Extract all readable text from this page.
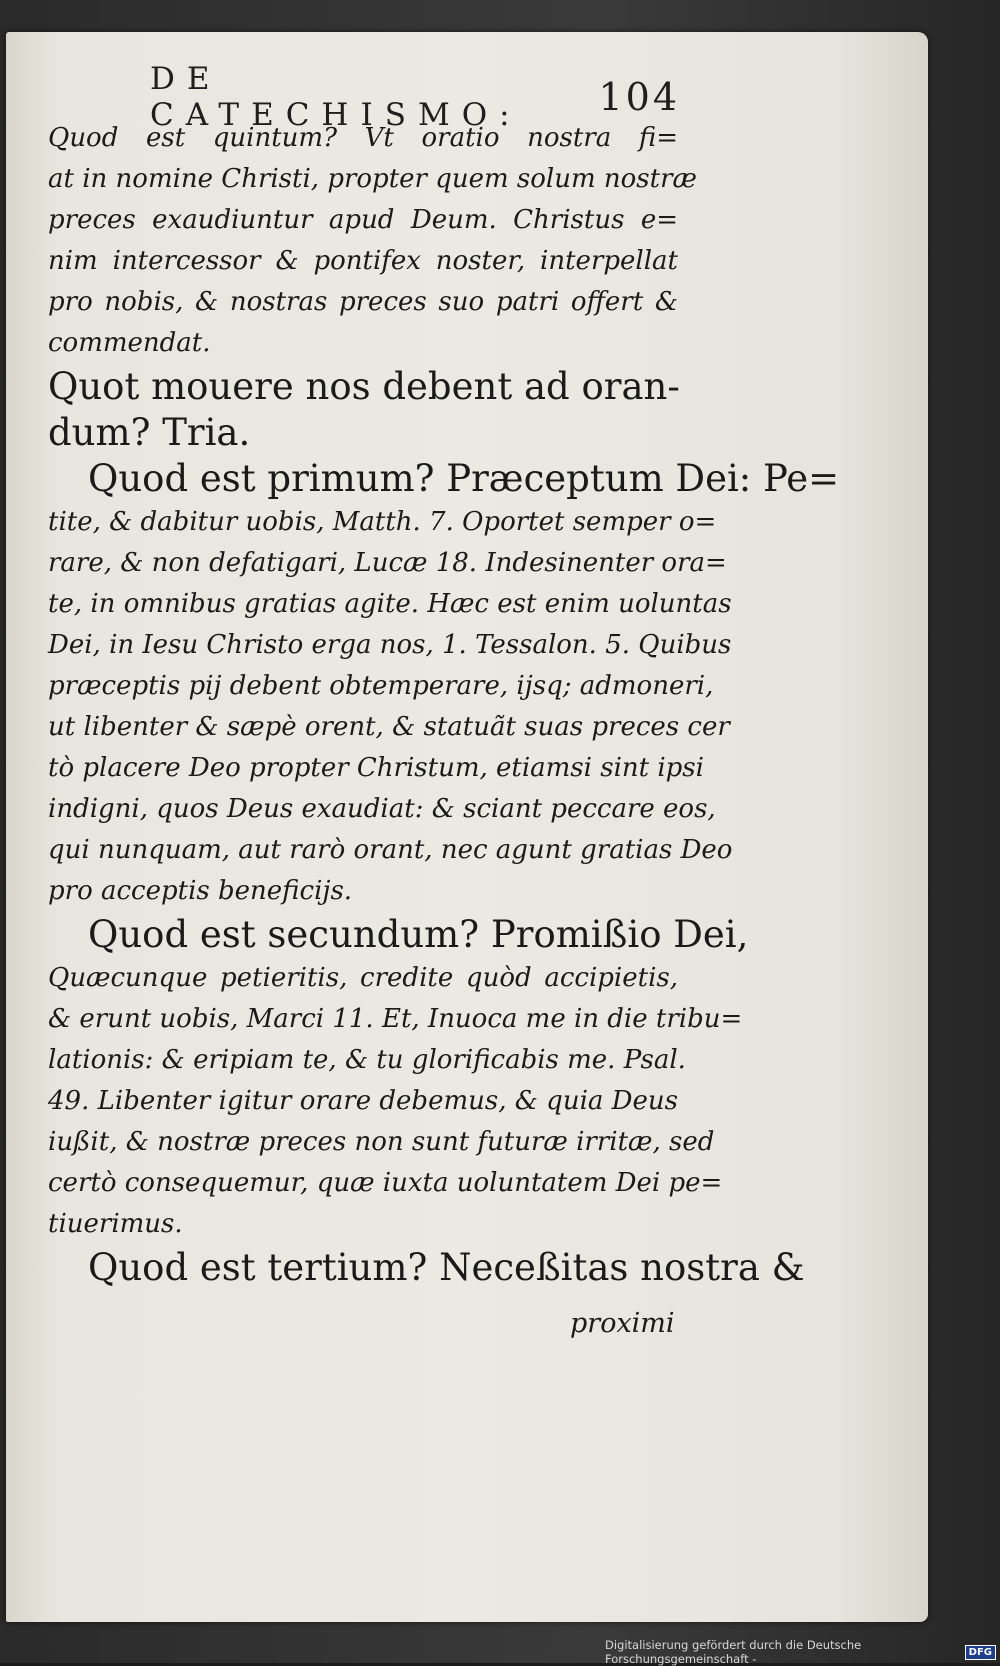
DE CATECHISMO:	104
Quod est quintum? Vt oratio nostra fi=
at in nomine Christi, propter quem solum nostræ
preces exaudiuntur apud Deum. Christus e=
nim intercessor & pontifex noster, interpellat
pro nobis, & nostras preces suo patri offert &
commendat.
Quot mouere nos debent ad oran-
dum? Tria.
Quod est primum? Præceptum Dei: Pe=
tite, & dabitur uobis, Matth. 7. Oportet semper o=
rare, & non defatigari, Lucæ 18. Indesinenter ora=
te, in omnibus gratias agite. Hæc est enim uoluntas
Dei, in Iesu Christo erga nos, 1. Tessalon. 5. Quibus
præceptis pij debent obtemperare, ijsq; admoneri,
ut libenter & sæpè orent, & statuãt suas preces cer
tò placere Deo propter Christum, etiamsi sint ipsi
indigni, quos Deus exaudiat: & sciant peccare eos,
qui nunquam, aut rarò orant, nec agunt gratias Deo
pro acceptis beneficijs.
Quod est secundum? Promißio Dei,
Quæcunque petieritis, credite quòd accipietis,
& erunt uobis, Marci 11. Et, Inuoca me in die tribu=
lationis: & eripiam te, & tu glorificabis me. Psal.
49. Libenter igitur orare debemus, & quia Deus
iußit, & nostræ preces non sunt futuræ irritæ, sed
certò consequemur, quæ iuxta uoluntatem Dei pe=
tiuerimus.
Quod est tertium? Neceßitas nostra &
proximi
Digitalisierung gefördert durch die Deutsche Forschungsgemeinschaft -	DFG
